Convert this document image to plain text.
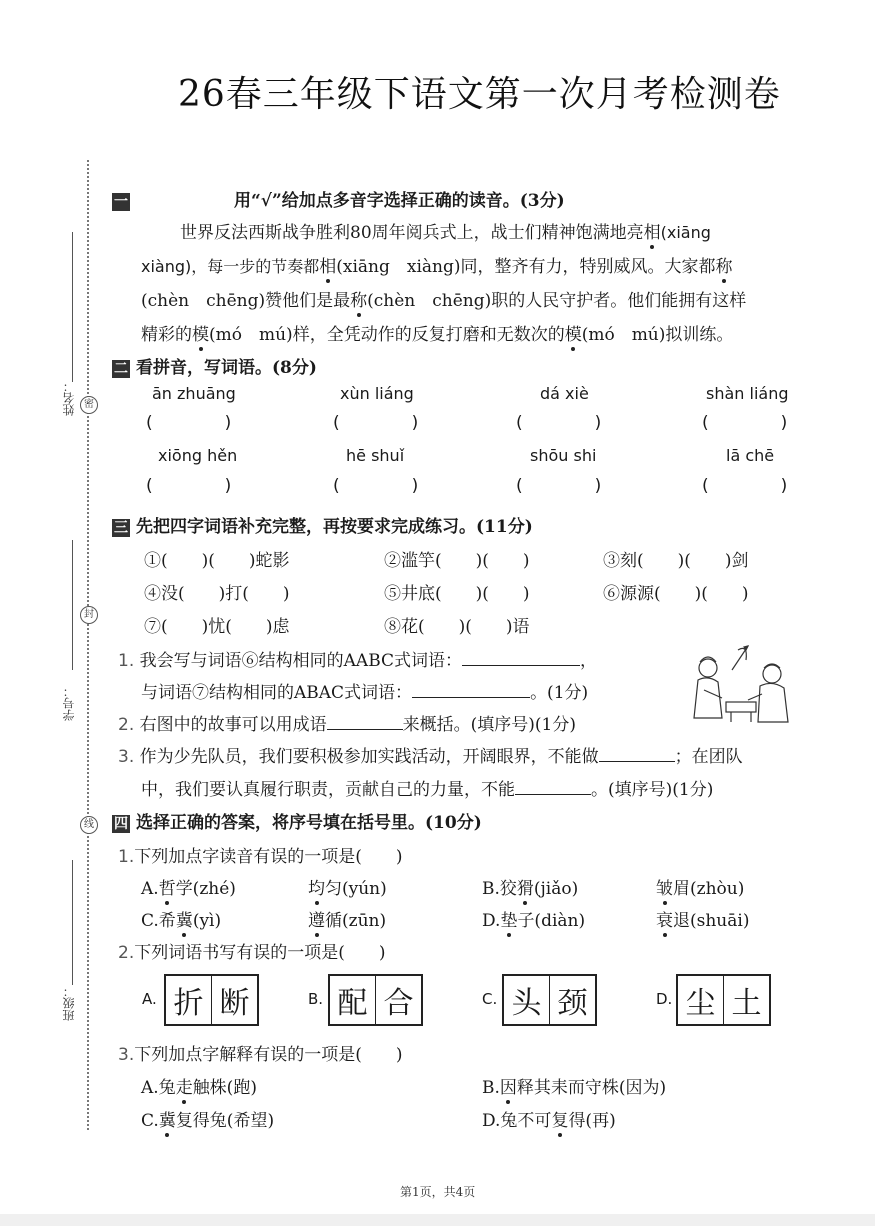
26春三年级下语文第一次月考检测卷
姓名： 密
封
学号：
线
班级：
一	用“√”给加点多音字选择正确的读音。(3分)
世界反法西斯战争胜利80周年阅兵式上，战士们精神饱满地亮相(xiāng
xiàng)，每一步的节奏都相(xiāng　xiàng)同，整齐有力，特别威风。大家都称
(chèn　chēng)赞他们是最称(chèn　chēng)职的人民守护者。他们能拥有这样
精彩的模(mó　mú)样，全凭动作的反复打磨和无数次的模(mó　mú)拟训练。
二 看拼音，写词语。(8分)
ān zhuāng	xùn liáng	dá xiè	shàn liáng
(	)	(	)	(	)	(	)
xiōng hěn	hē shuǐ	shōu shi	lā chē
(	)	(	)	(	)	(	)
三 先把四字词语补充完整，再按要求完成练习。(11分)
①(　　)(　　)蛇影	②滥竽(　　)(　　)	③刻(　　)(　　)剑
④没(　　)打(　　)	⑤井底(　　)(　　)	⑥源源(　　)(　　)
⑦(　　)忧(　　)虑	⑧花(　　)(　　)语
1. 我会写与词语⑥结构相同的AABC式词语：	，
与词语⑦结构相同的ABAC式词语：	。(1分)
2. 右图中的故事可以用成语	来概括。(填序号)(1分)
3. 作为少先队员，我们要积极参加实践活动，开阔眼界，不能做	；在团队
中，我们要认真履行职责，贡献自己的力量，不能	。(填序号)(1分)
四 选择正确的答案，将序号填在括号里。(10分)
1.下列加点字读音有误的一项是(　　)
A.哲学(zhé)	均匀(yún)	B.狡猾(jiǎo)	皱眉(zhòu)
C.希冀(yì)	遵循(zūn)	D.垫子(diàn)	衰退(shuāi)
2.下列词语书写有误的一项是(　　)
A. 折 断	B. 配 合	C. 头 颈	D. 尘 土
3.下列加点字解释有误的一项是(　　)
A.兔走触株(跑)	B.因释其耒而守株(因为)
C.冀复得兔(希望)	D.兔不可复得(再)
第1页，共4页
